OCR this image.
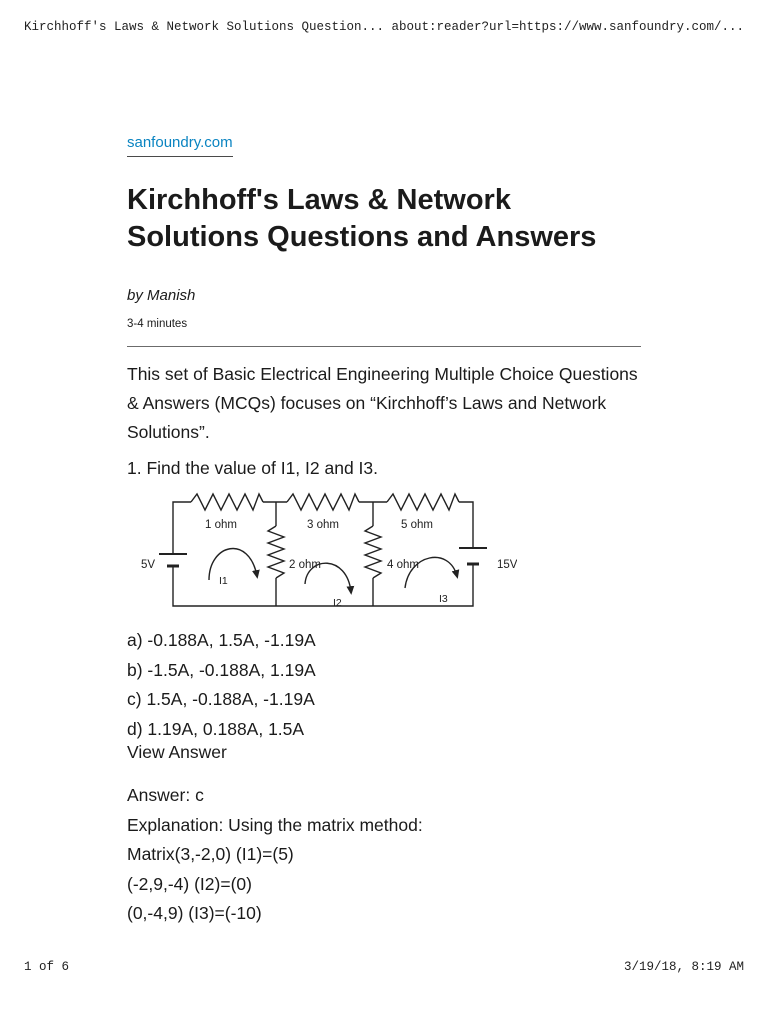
Kirchhoff's Laws & Network Solutions Question... about:reader?url=https://www.sanfoundry.com/...
sanfoundry.com
Kirchhoff's Laws & Network Solutions Questions and Answers

by Manish

3-4 minutes

This set of Basic Electrical Engineering Multiple Choice Questions & Answers (MCQs) focuses on “Kirchhoff’s Laws and Network Solutions”.

1. Find the value of I1, I2 and I3.

1 ohm	3 ohm	5 ohm
2 ohm	4 ohm
5V	15V
I1
I2	I3
a) -0.188A, 1.5A, -1.19A
b) -1.5A, -0.188A, 1.19A
c) 1.5A, -0.188A, -1.19A
d) 1.19A, 0.188A, 1.5A

View Answer

Answer: c
Explanation: Using the matrix method:
Matrix(3,-2,0) (I1)=(5)
(-2,9,-4) (I2)=(0)
(0,-4,9) (I3)=(-10)
1 of 6	3/19/18, 8:19 AM
